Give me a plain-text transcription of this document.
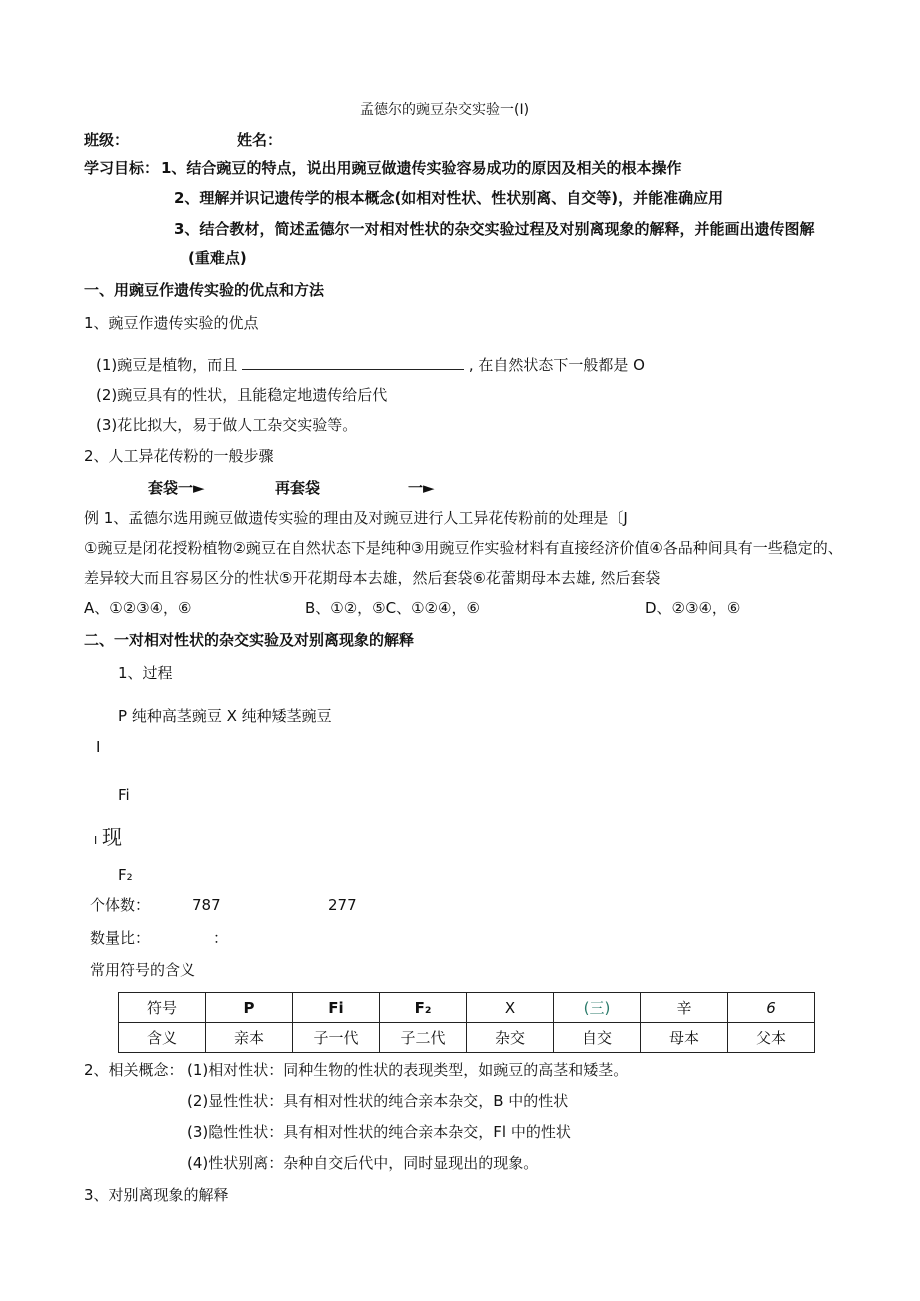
孟德尔的豌豆杂交实验一(I)
班级：	姓名：
学习目标： 1、结合豌豆的特点，说出用豌豆做遗传实验容易成功的原因及相关的根本操作
2、理解并识记遗传学的根本概念(如相对性状、性状别离、自交等)，并能准确应用
3、结合教材，简述孟德尔一对相对性状的杂交实验过程及对别离现象的解释，并能画出遗传图解
(重难点)
一、用豌豆作遗传实验的优点和方法
1、豌豆作遗传实验的优点
(1)豌豆是植物，而且	, 在自然状态下一般都是 O
(2)豌豆具有的性状，且能稳定地遗传给后代
(3)花比拟大，易于做人工杂交实验等。
2、人工异花传粉的一般步骤
套袋一►	再套袋	一►
例 1、孟德尔选用豌豆做遗传实验的理由及对豌豆进行人工异花传粉前的处理是〔J
①豌豆是闭花授粉植物②豌豆在自然状态下是纯种③用豌豆作实验材料有直接经济价值④各品种间具有一些稳定的、
差异较大而且容易区分的性状⑤开花期母本去雄，然后套袋⑥花蕾期母本去雄, 然后套袋
A、①②③④，⑥	B、①②，⑤C、①②④，⑥	D、②③④，⑥
二、一对相对性状的杂交实验及对别离现象的解释
1、过程
P 纯种高茎豌豆 X 纯种矮茎豌豆
I
Fi
I 现
F₂
个体数：	787	277
数量比：	：
常用符号的含义
符号	P	Fi	F₂	X	(三)	辛	6
含义	亲本	子一代	子二代	杂交	自交	母本	父本
2、相关概念： (1)相对性状：同种生物的性状的表现类型，如豌豆的高茎和矮茎。
(2)显性性状：具有相对性状的纯合亲本杂交，B 中的性状
(3)隐性性状：具有相对性状的纯合亲本杂交，Fl 中的性状
(4)性状别离：杂种自交后代中，同时显现出的现象。
3、对别离现象的解释
